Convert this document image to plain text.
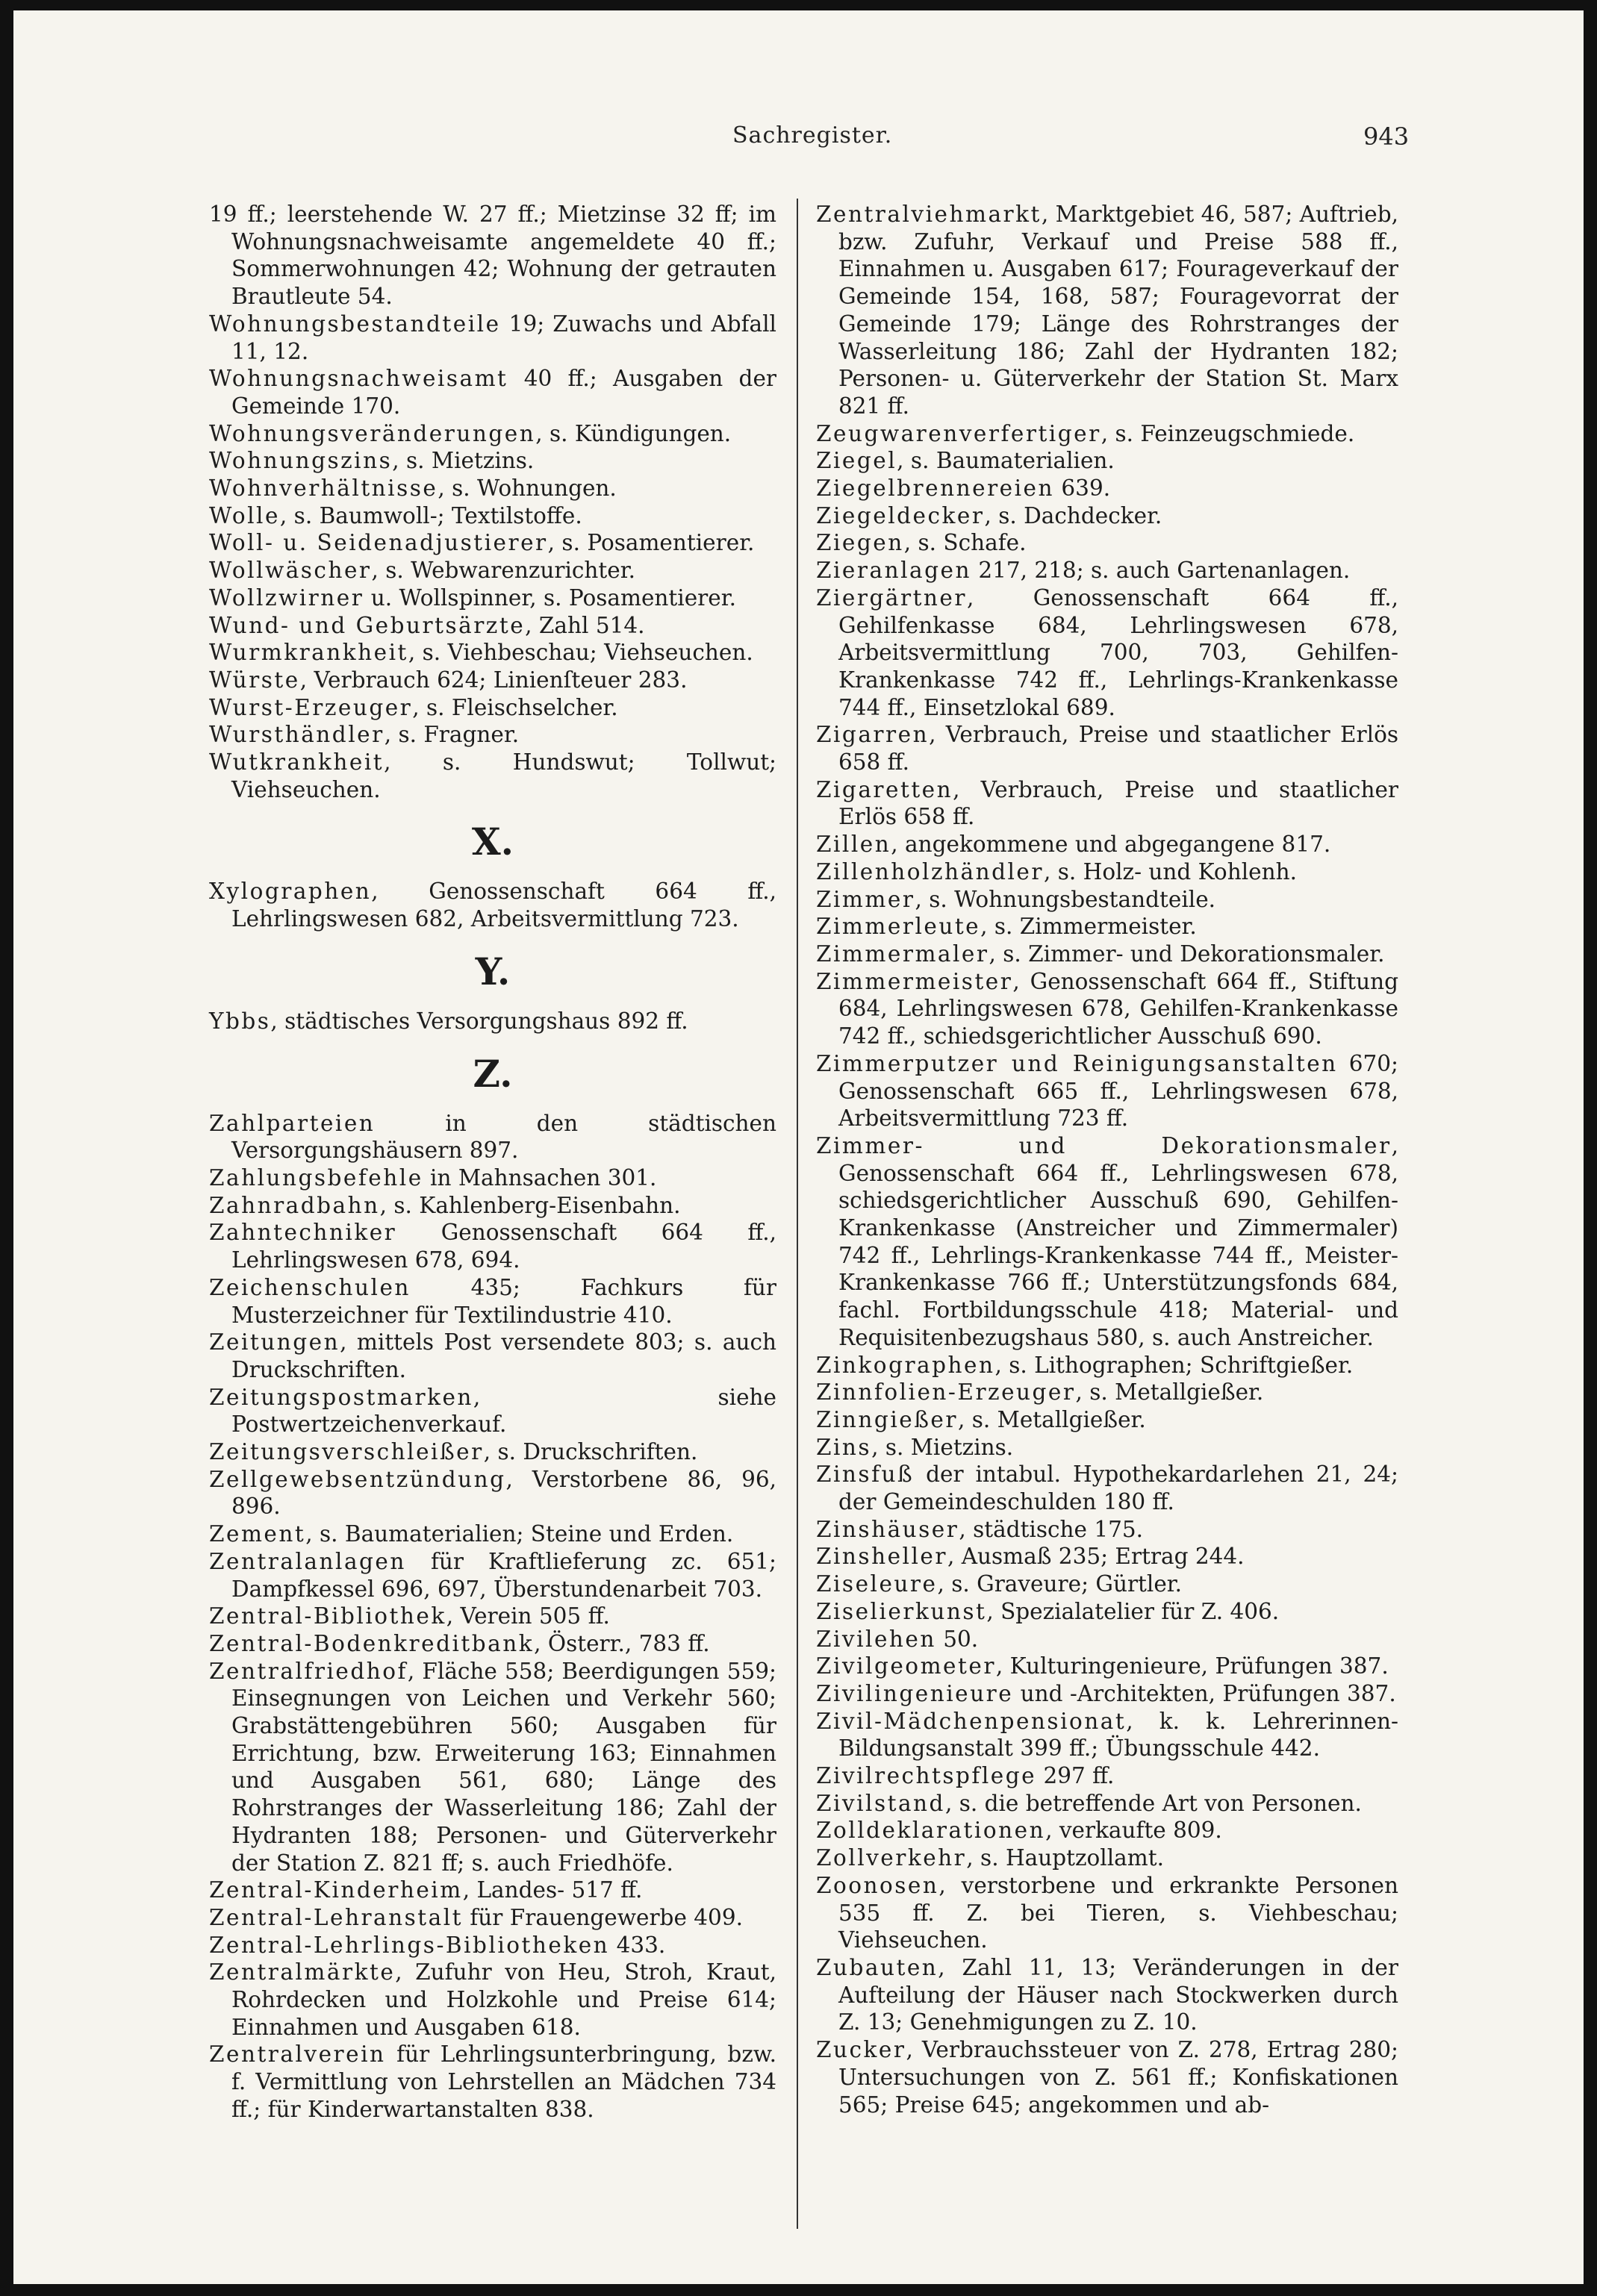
Sachregister.	943

19 ff.; leerstehende W. 27 ff.; Mietzinse 32 ff; im Wohnungsnachweisamte angemeldete 40 ff.; Sommerwohnungen 42; Wohnung der getrauten Brautleute 54.

Wohnungsbestandteile 19; Zuwachs und Abfall 11, 12.

Wohnungsnachweisamt 40 ff.; Ausgaben der Gemeinde 170.

Wohnungsveränderungen, s. Kündigungen.

Wohnungszins, s. Mietzins.

Wohnverhältnisse, s. Wohnungen.

Wolle, s. Baumwoll-; Textilstoffe.

Woll- u. Seidenadjustierer, s. Posamentierer.

Wollwäscher, s. Webwarenzurichter.

Wollzwirner u. Wollspinner, s. Posamentierer.

Wund- und Geburtsärzte, Zahl 514.

Wurmkrankheit, s. Viehbeschau; Viehseuchen.

Würste, Verbrauch 624; Linienſteuer 283.

Wurst-Erzeuger, s. Fleischselcher.

Wursthändler, s. Fragner.

Wutkrankheit, s. Hundswut; Tollwut; Viehseuchen.

X.

Xylographen, Genossenschaft 664 ff., Lehrlingswesen 682, Arbeitsvermittlung 723.

Y.

Ybbs, städtisches Versorgungshaus 892 ff.

Z.

Zahlparteien in den städtischen Versorgungshäusern 897.

Zahlungsbefehle in Mahnsachen 301.

Zahnradbahn, s. Kahlenberg-Eisenbahn.

Zahntechniker Genossenschaft 664 ff., Lehrlingswesen 678, 694.

Zeichenschulen 435; Fachkurs für Musterzeichner für Textilindustrie 410.

Zeitungen, mittels Post versendete 803; s. auch Druckschriften.

Zeitungspostmarken, siehe Postwertzeichenverkauf.

Zeitungsverschleißer, s. Druckschriften.

Zellgewebsentzündung, Verstorbene 86, 96, 896.

Zement, s. Baumaterialien; Steine und Erden.

Zentralanlagen für Kraftlieferung zc. 651; Dampfkessel 696, 697, Überstundenarbeit 703.

Zentral-Bibliothek, Verein 505 ff.

Zentral-Bodenkreditbank, Österr., 783 ff.

Zentralfriedhof, Fläche 558; Beerdigungen 559; Einsegnungen von Leichen und Verkehr 560; Grabstättengebühren 560; Ausgaben für Errichtung, bzw. Erweiterung 163; Einnahmen und Ausgaben 561, 680; Länge des Rohrstranges der Wasserleitung 186; Zahl der Hydranten 188; Personen- und Güterverkehr der Station Z. 821 ff; s. auch Friedhöfe.

Zentral-Kinderheim, Landes- 517 ff.

Zentral-Lehranstalt für Frauengewerbe 409.

Zentral-Lehrlings-Bibliotheken 433.

Zentralmärkte, Zufuhr von Heu, Stroh, Kraut, Rohrdecken und Holzkohle und Preise 614; Einnahmen und Ausgaben 618.

Zentralverein für Lehrlingsunterbringung, bzw. f. Vermittlung von Lehrstellen an Mädchen 734 ff.; für Kinderwartanstalten 838.

Zentralviehmarkt, Marktgebiet 46, 587; Auftrieb, bzw. Zufuhr, Verkauf und Preise 588 ff., Einnahmen u. Ausgaben 617; Fourageverkauf der Gemeinde 154, 168, 587; Fouragevorrat der Gemeinde 179; Länge des Rohrstranges der Wasserleitung 186; Zahl der Hydranten 182; Personen- u. Güterverkehr der Station St. Marx 821 ff.

Zeugwarenverfertiger, s. Feinzeugschmiede.

Ziegel, s. Baumaterialien.

Ziegelbrennereien 639.

Ziegeldecker, s. Dachdecker.

Ziegen, s. Schafe.

Zieranlagen 217, 218; s. auch Gartenanlagen.

Ziergärtner, Genossenschaft 664 ff., Gehilfenkasse 684, Lehrlingswesen 678, Arbeitsvermittlung 700, 703, Gehilfen-Krankenkasse 742 ff., Lehrlings-Krankenkasse 744 ff., Einsetzlokal 689.

Zigarren, Verbrauch, Preise und staatlicher Erlös 658 ff.

Zigaretten, Verbrauch, Preise und staatlicher Erlös 658 ff.

Zillen, angekommene und abgegangene 817.

Zillenholzhändler, s. Holz- und Kohlenh.

Zimmer, s. Wohnungsbestandteile.

Zimmerleute, s. Zimmermeister.

Zimmermaler, s. Zimmer- und Dekorationsmaler.

Zimmermeister, Genossenschaft 664 ff., Stiftung 684, Lehrlingswesen 678, Gehilfen-Krankenkasse 742 ff., schiedsgerichtlicher Ausschuß 690.

Zimmerputzer und Reinigungsanstalten 670; Genossenschaft 665 ff., Lehrlingswesen 678, Arbeitsvermittlung 723 ff.

Zimmer- und Dekorationsmaler, Genossenschaft 664 ff., Lehrlingswesen 678, schiedsgerichtlicher Ausschuß 690, Gehilfen-Krankenkasse (Anstreicher und Zimmermaler) 742 ff., Lehrlings-Krankenkasse 744 ff., Meister-Krankenkasse 766 ff.; Unterstützungsfonds 684, fachl. Fortbildungsschule 418; Material- und Requisitenbezugshaus 580, s. auch Anstreicher.

Zinkographen, s. Lithographen; Schriftgießer.

Zinnfolien-Erzeuger, s. Metallgießer.

Zinngießer, s. Metallgießer.

Zins, s. Mietzins.

Zinsfuß der intabul. Hypothekardarlehen 21, 24; der Gemeindeschulden 180 ff.

Zinshäuser, städtische 175.

Zinsheller, Ausmaß 235; Ertrag 244.

Ziseleure, s. Graveure; Gürtler.

Ziselierkunst, Spezialatelier für Z. 406.

Zivilehen 50.

Zivilgeometer, Kulturingenieure, Prüfungen 387.

Zivilingenieure und -Architekten, Prüfungen 387.

Zivil-Mädchenpensionat, k. k. Lehrerinnen-Bildungsanstalt 399 ff.; Übungsschule 442.

Zivilrechtspflege 297 ff.

Zivilstand, s. die betreffende Art von Personen.

Zolldeklarationen, verkaufte 809.

Zollverkehr, s. Hauptzollamt.

Zoonosen, verstorbene und erkrankte Personen 535 ff. Z. bei Tieren, s. Viehbeschau; Viehseuchen.

Zubauten, Zahl 11, 13; Veränderungen in der Aufteilung der Häuser nach Stockwerken durch Z. 13; Genehmigungen zu Z. 10.

Zucker, Verbrauchssteuer von Z. 278, Ertrag 280; Untersuchungen von Z. 561 ff.; Konfiskationen 565; Preise 645; angekommen und ab-
